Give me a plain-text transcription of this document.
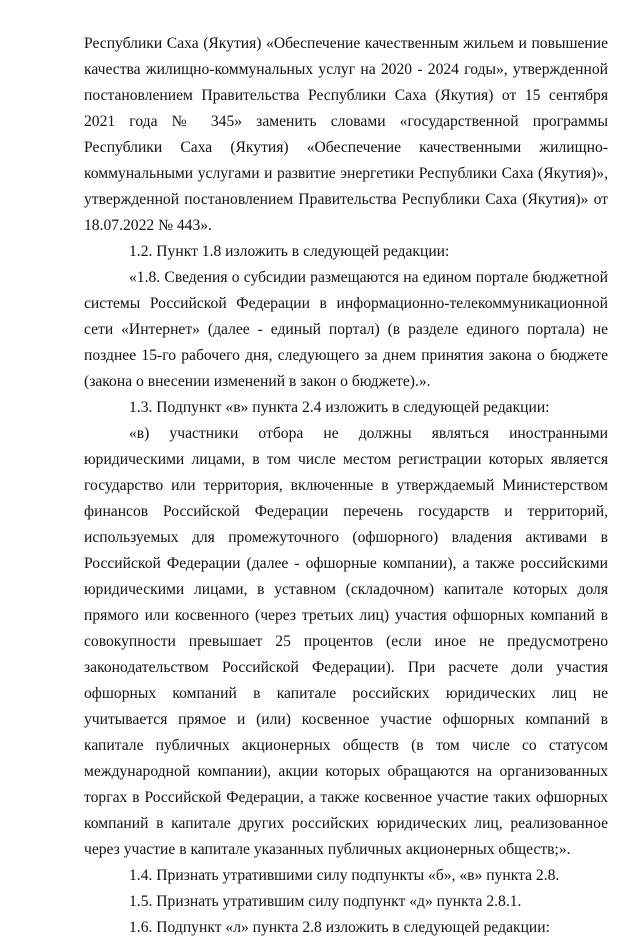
Республики Саха (Якутия) «Обеспечение качественным жильем и повышение качества жилищно-коммунальных услуг на 2020 - 2024 годы», утвержденной постановлением Правительства Республики Саха (Якутия) от 15 сентября 2021 года № 345» заменить словами «государственной программы Республики Саха (Якутия) «Обеспечение качественными жилищно-коммунальными услугами и развитие энергетики Республики Саха (Якутия)», утвержденной постановлением Правительства Республики Саха (Якутия)» от 18.07.2022 № 443».

1.2. Пункт 1.8 изложить в следующей редакции:

«1.8. Сведения о субсидии размещаются на едином портале бюджетной системы Российской Федерации в информационно-телекоммуникационной сети «Интернет» (далее - единый портал) (в разделе единого портала) не позднее 15-го рабочего дня, следующего за днем принятия закона о бюджете (закона о внесении изменений в закон о бюджете).».

1.3. Подпункт «в» пункта 2.4 изложить в следующей редакции:

«в) участники отбора не должны являться иностранными юридическими лицами, в том числе местом регистрации которых является государство или территория, включенные в утверждаемый Министерством финансов Российской Федерации перечень государств и территорий, используемых для промежуточного (офшорного) владения активами в Российской Федерации (далее - офшорные компании), а также российскими юридическими лицами, в уставном (складочном) капитале которых доля прямого или косвенного (через третьих лиц) участия офшорных компаний в совокупности превышает 25 процентов (если иное не предусмотрено законодательством Российской Федерации). При расчете доли участия офшорных компаний в капитале российских юридических лиц не учитывается прямое и (или) косвенное участие офшорных компаний в капитале публичных акционерных обществ (в том числе со статусом международной компании), акции которых обращаются на организованных торгах в Российской Федерации, а также косвенное участие таких офшорных компаний в капитале других российских юридических лиц, реализованное через участие в капитале указанных публичных акционерных обществ;».

1.4. Признать утратившими силу подпункты «б», «в» пункта 2.8.

1.5. Признать утратившим силу подпункт «д» пункта 2.8.1.

1.6. Подпункт «л» пункта 2.8 изложить в следующей редакции:
